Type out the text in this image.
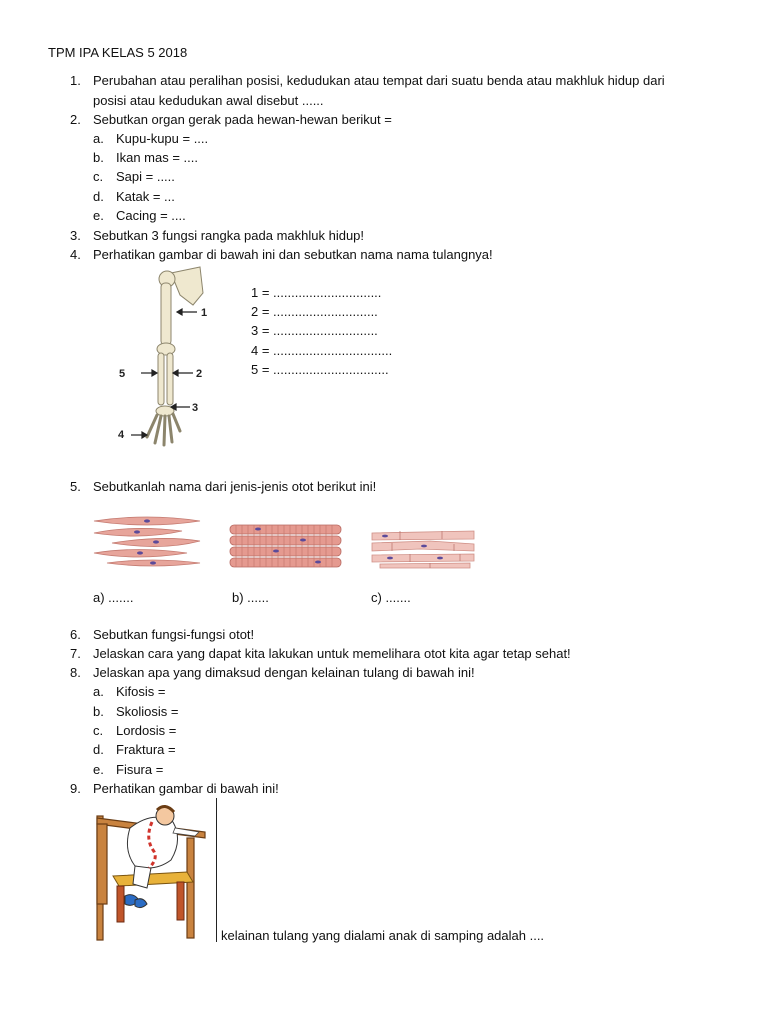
TPM IPA KELAS 5 2018
1. Perubahan atau peralihan posisi, kedudukan atau tempat dari suatu benda atau makhluk hidup dari
posisi atau kedudukan awal disebut ......
2. Sebutkan organ gerak pada hewan-hewan berikut =
a. Kupu-kupu = ....
b. Ikan mas = ....
c. Sapi = .....
d. Katak = ...
e. Cacing = ....
3. Sebutkan 3 fungsi rangka pada makhluk hidup!
4. Perhatikan gambar di bawah ini dan sebutkan nama nama tulangnya!
1
2
3
4
5
1 = ..............................
2 = .............................
3 = .............................
4 = .................................
5 = ................................
5. Sebutkanlah nama dari jenis-jenis otot berikut ini!
a) .......	b) ......	c) .......
6. Sebutkan fungsi-fungsi otot!
7. Jelaskan cara yang dapat kita lakukan untuk memelihara otot kita agar tetap sehat!
8. Jelaskan apa yang dimaksud dengan kelainan tulang di bawah ini!
a. Kifosis =
b. Skoliosis =
c. Lordosis =
d. Fraktura =
e. Fisura =
9. Perhatikan gambar di bawah ini!
kelainan tulang yang dialami anak di samping adalah ....
